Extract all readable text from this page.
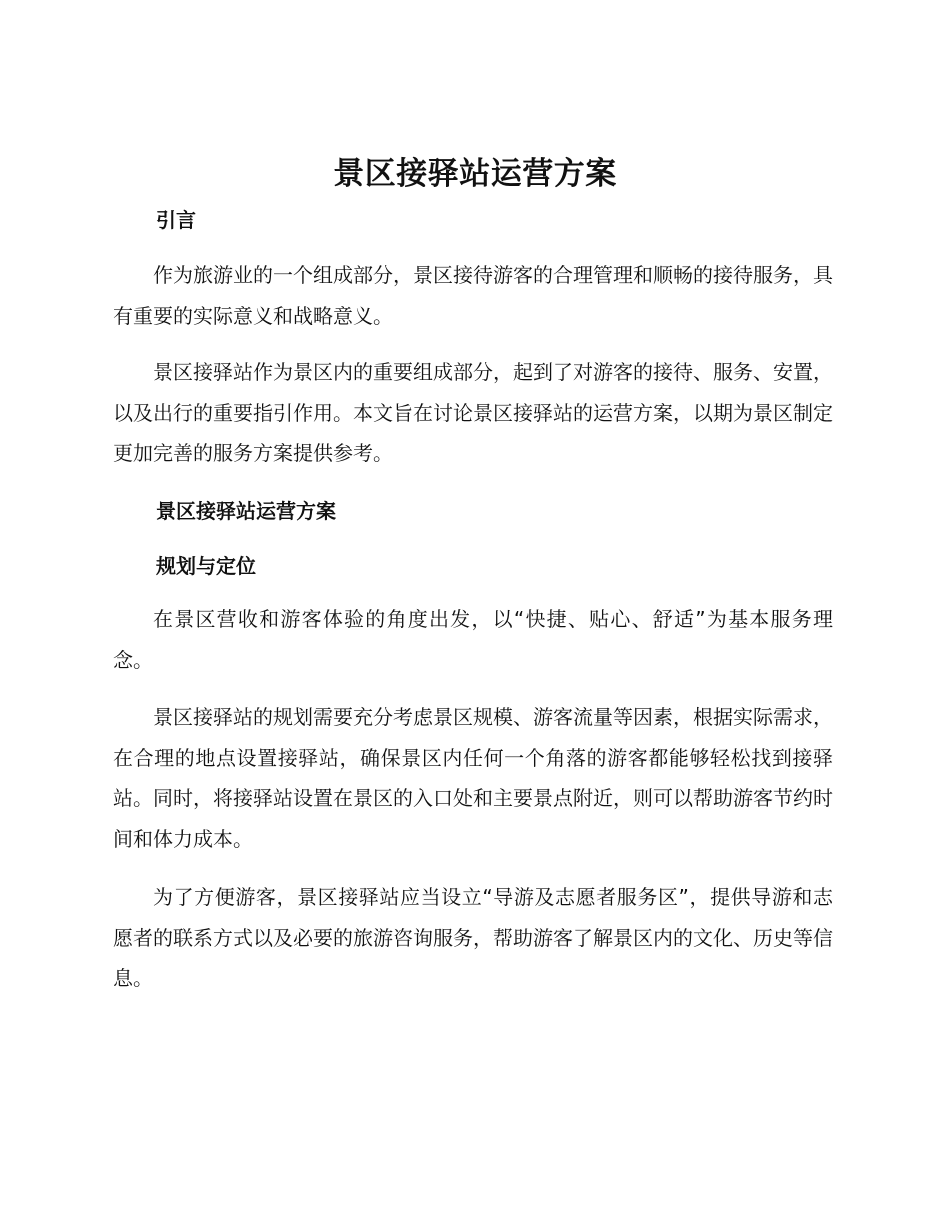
景区接驿站运营方案
引言

作为旅游业的一个组成部分，景区接待游客的合理管理和顺畅的接待服务，具有重要的实际意义和战略意义。

景区接驿站作为景区内的重要组成部分，起到了对游客的接待、服务、安置，以及出行的重要指引作用。本文旨在讨论景区接驿站的运营方案，以期为景区制定更加完善的服务方案提供参考。

景区接驿站运营方案
规划与定位

在景区营收和游客体验的角度出发，以“快捷、贴心、舒适”为基本服务理念。

景区接驿站的规划需要充分考虑景区规模、游客流量等因素，根据实际需求，在合理的地点设置接驿站，确保景区内任何一个角落的游客都能够轻松找到接驿站。同时，将接驿站设置在景区的入口处和主要景点附近，则可以帮助游客节约时间和体力成本。

为了方便游客，景区接驿站应当设立“导游及志愿者服务区”，提供导游和志愿者的联系方式以及必要的旅游咨询服务，帮助游客了解景区内的文化、历史等信息。
